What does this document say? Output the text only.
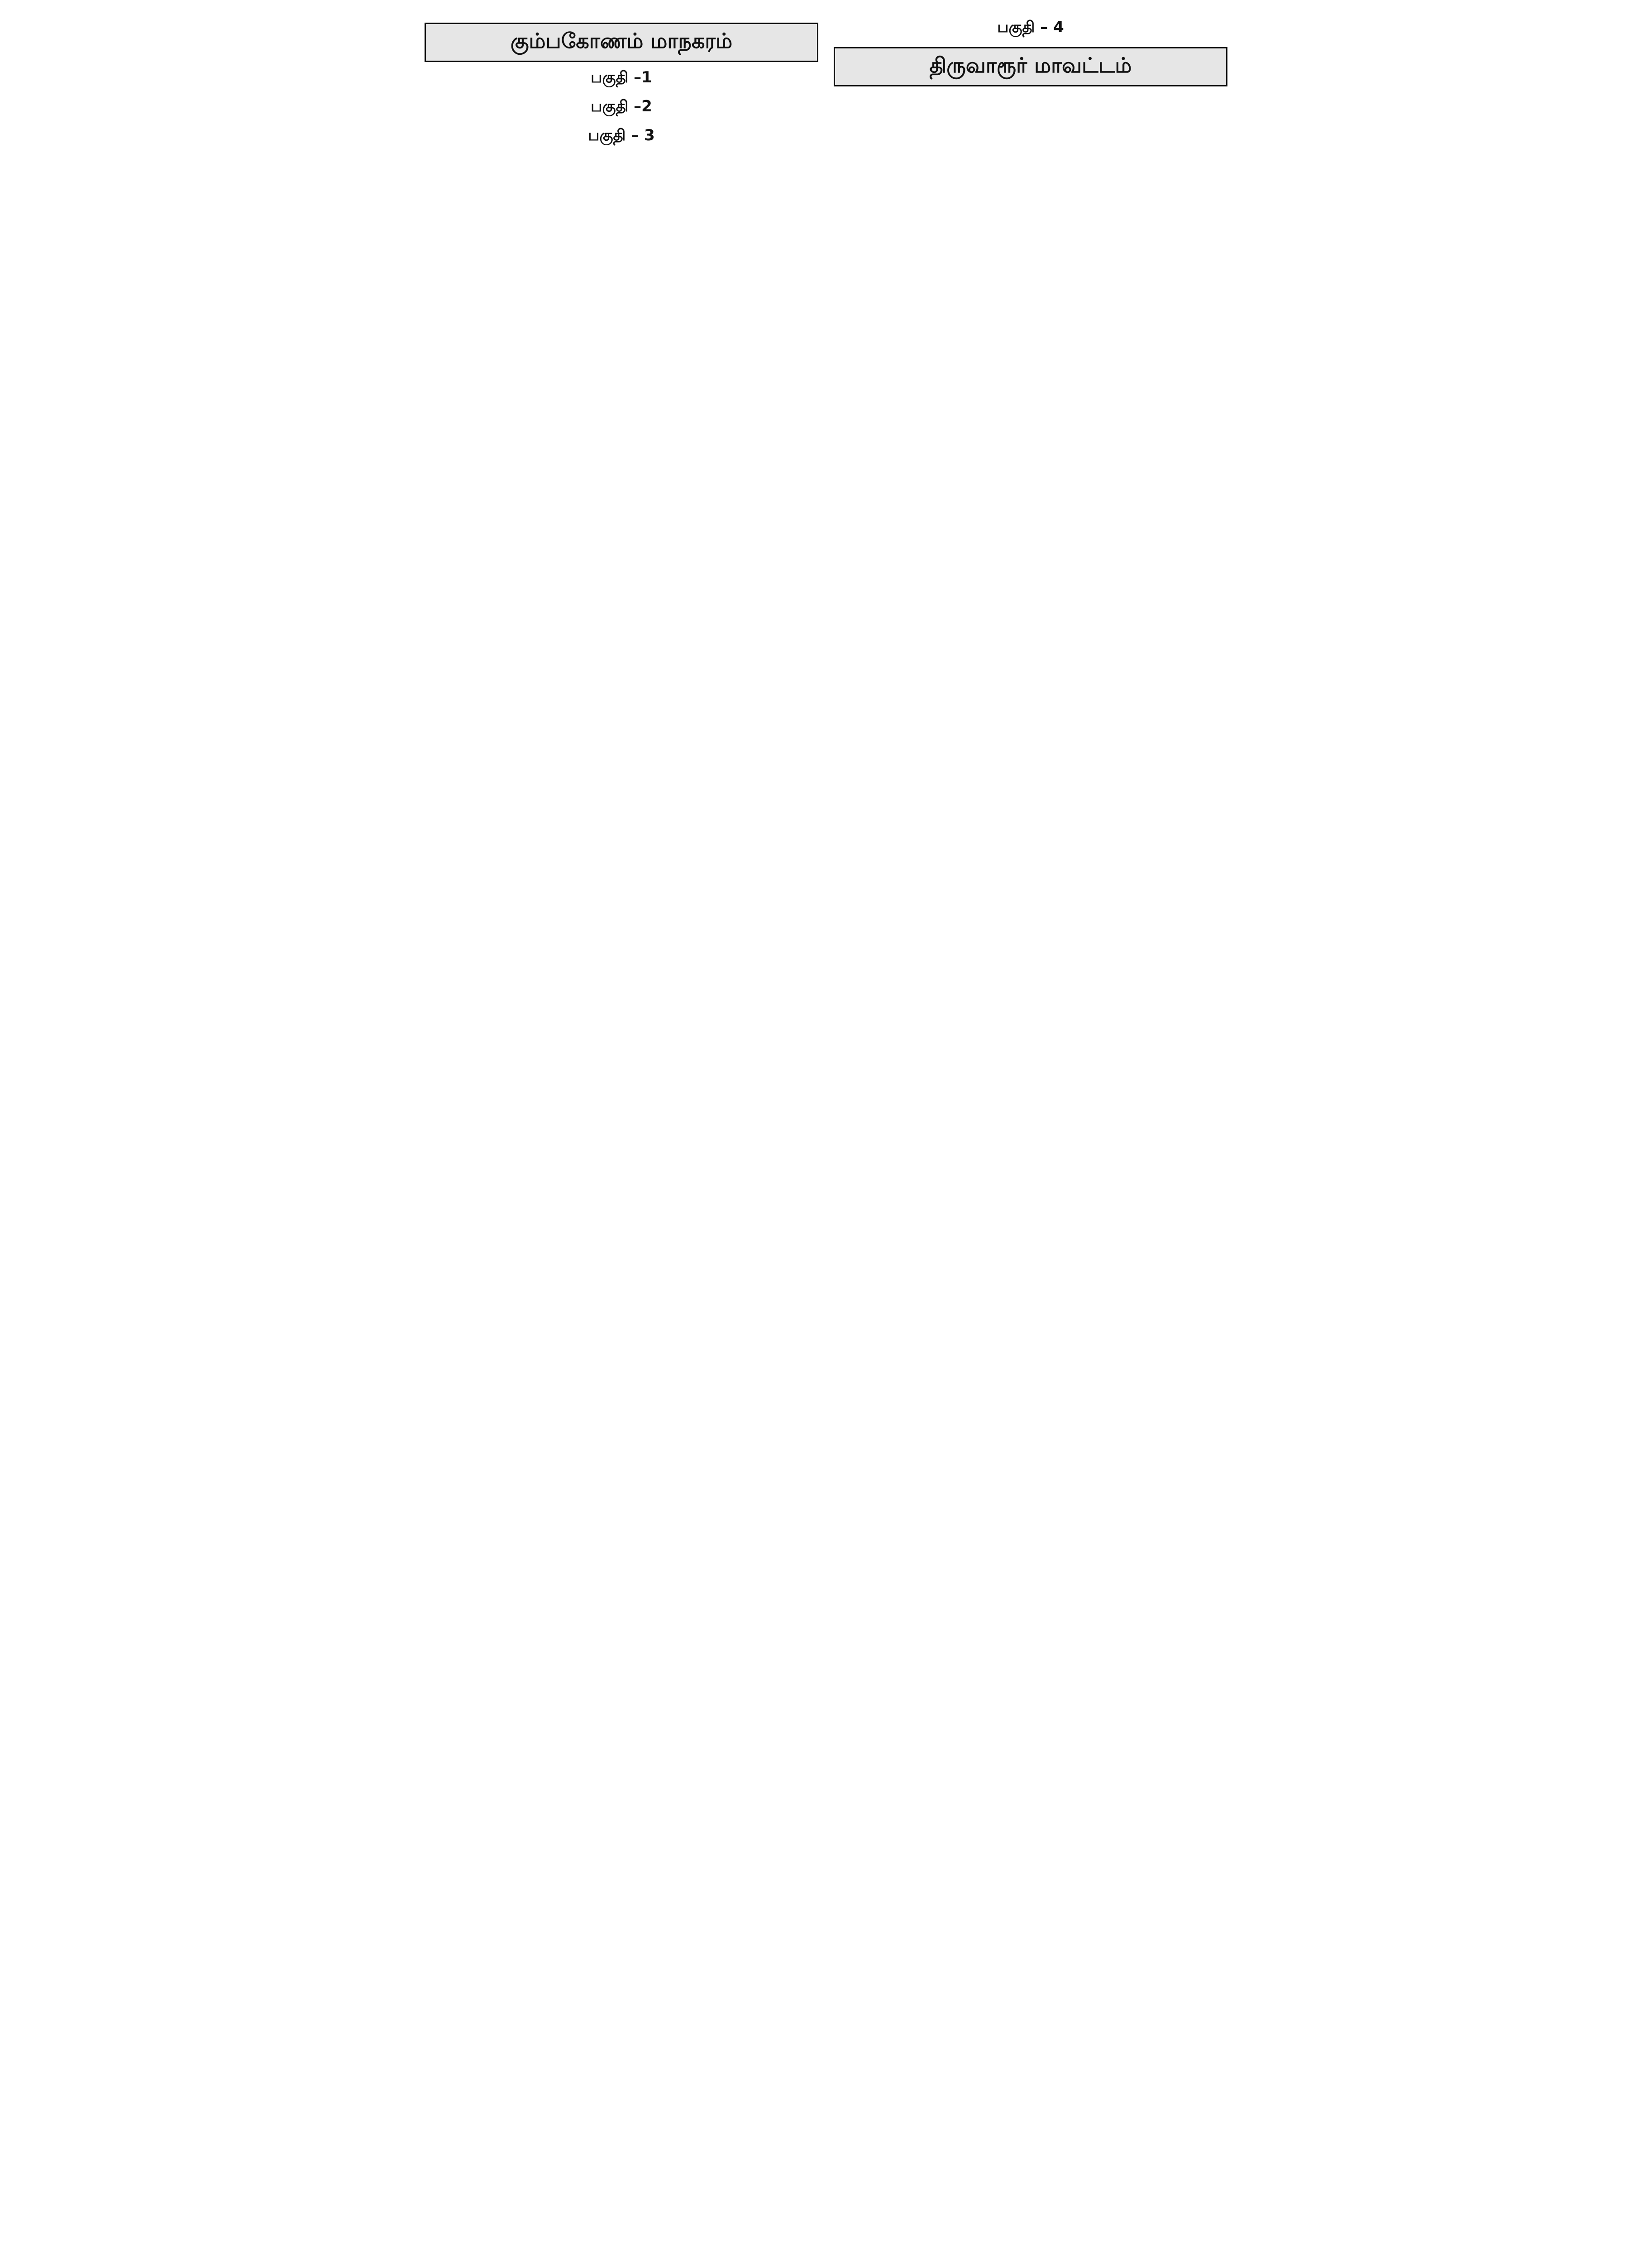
கும்பகோணம் மாநகரம்
பகுதி –1

பகுதி –2

பகுதி – 3

பகுதி – 4

திருவாரூர் மாவட்டம்
